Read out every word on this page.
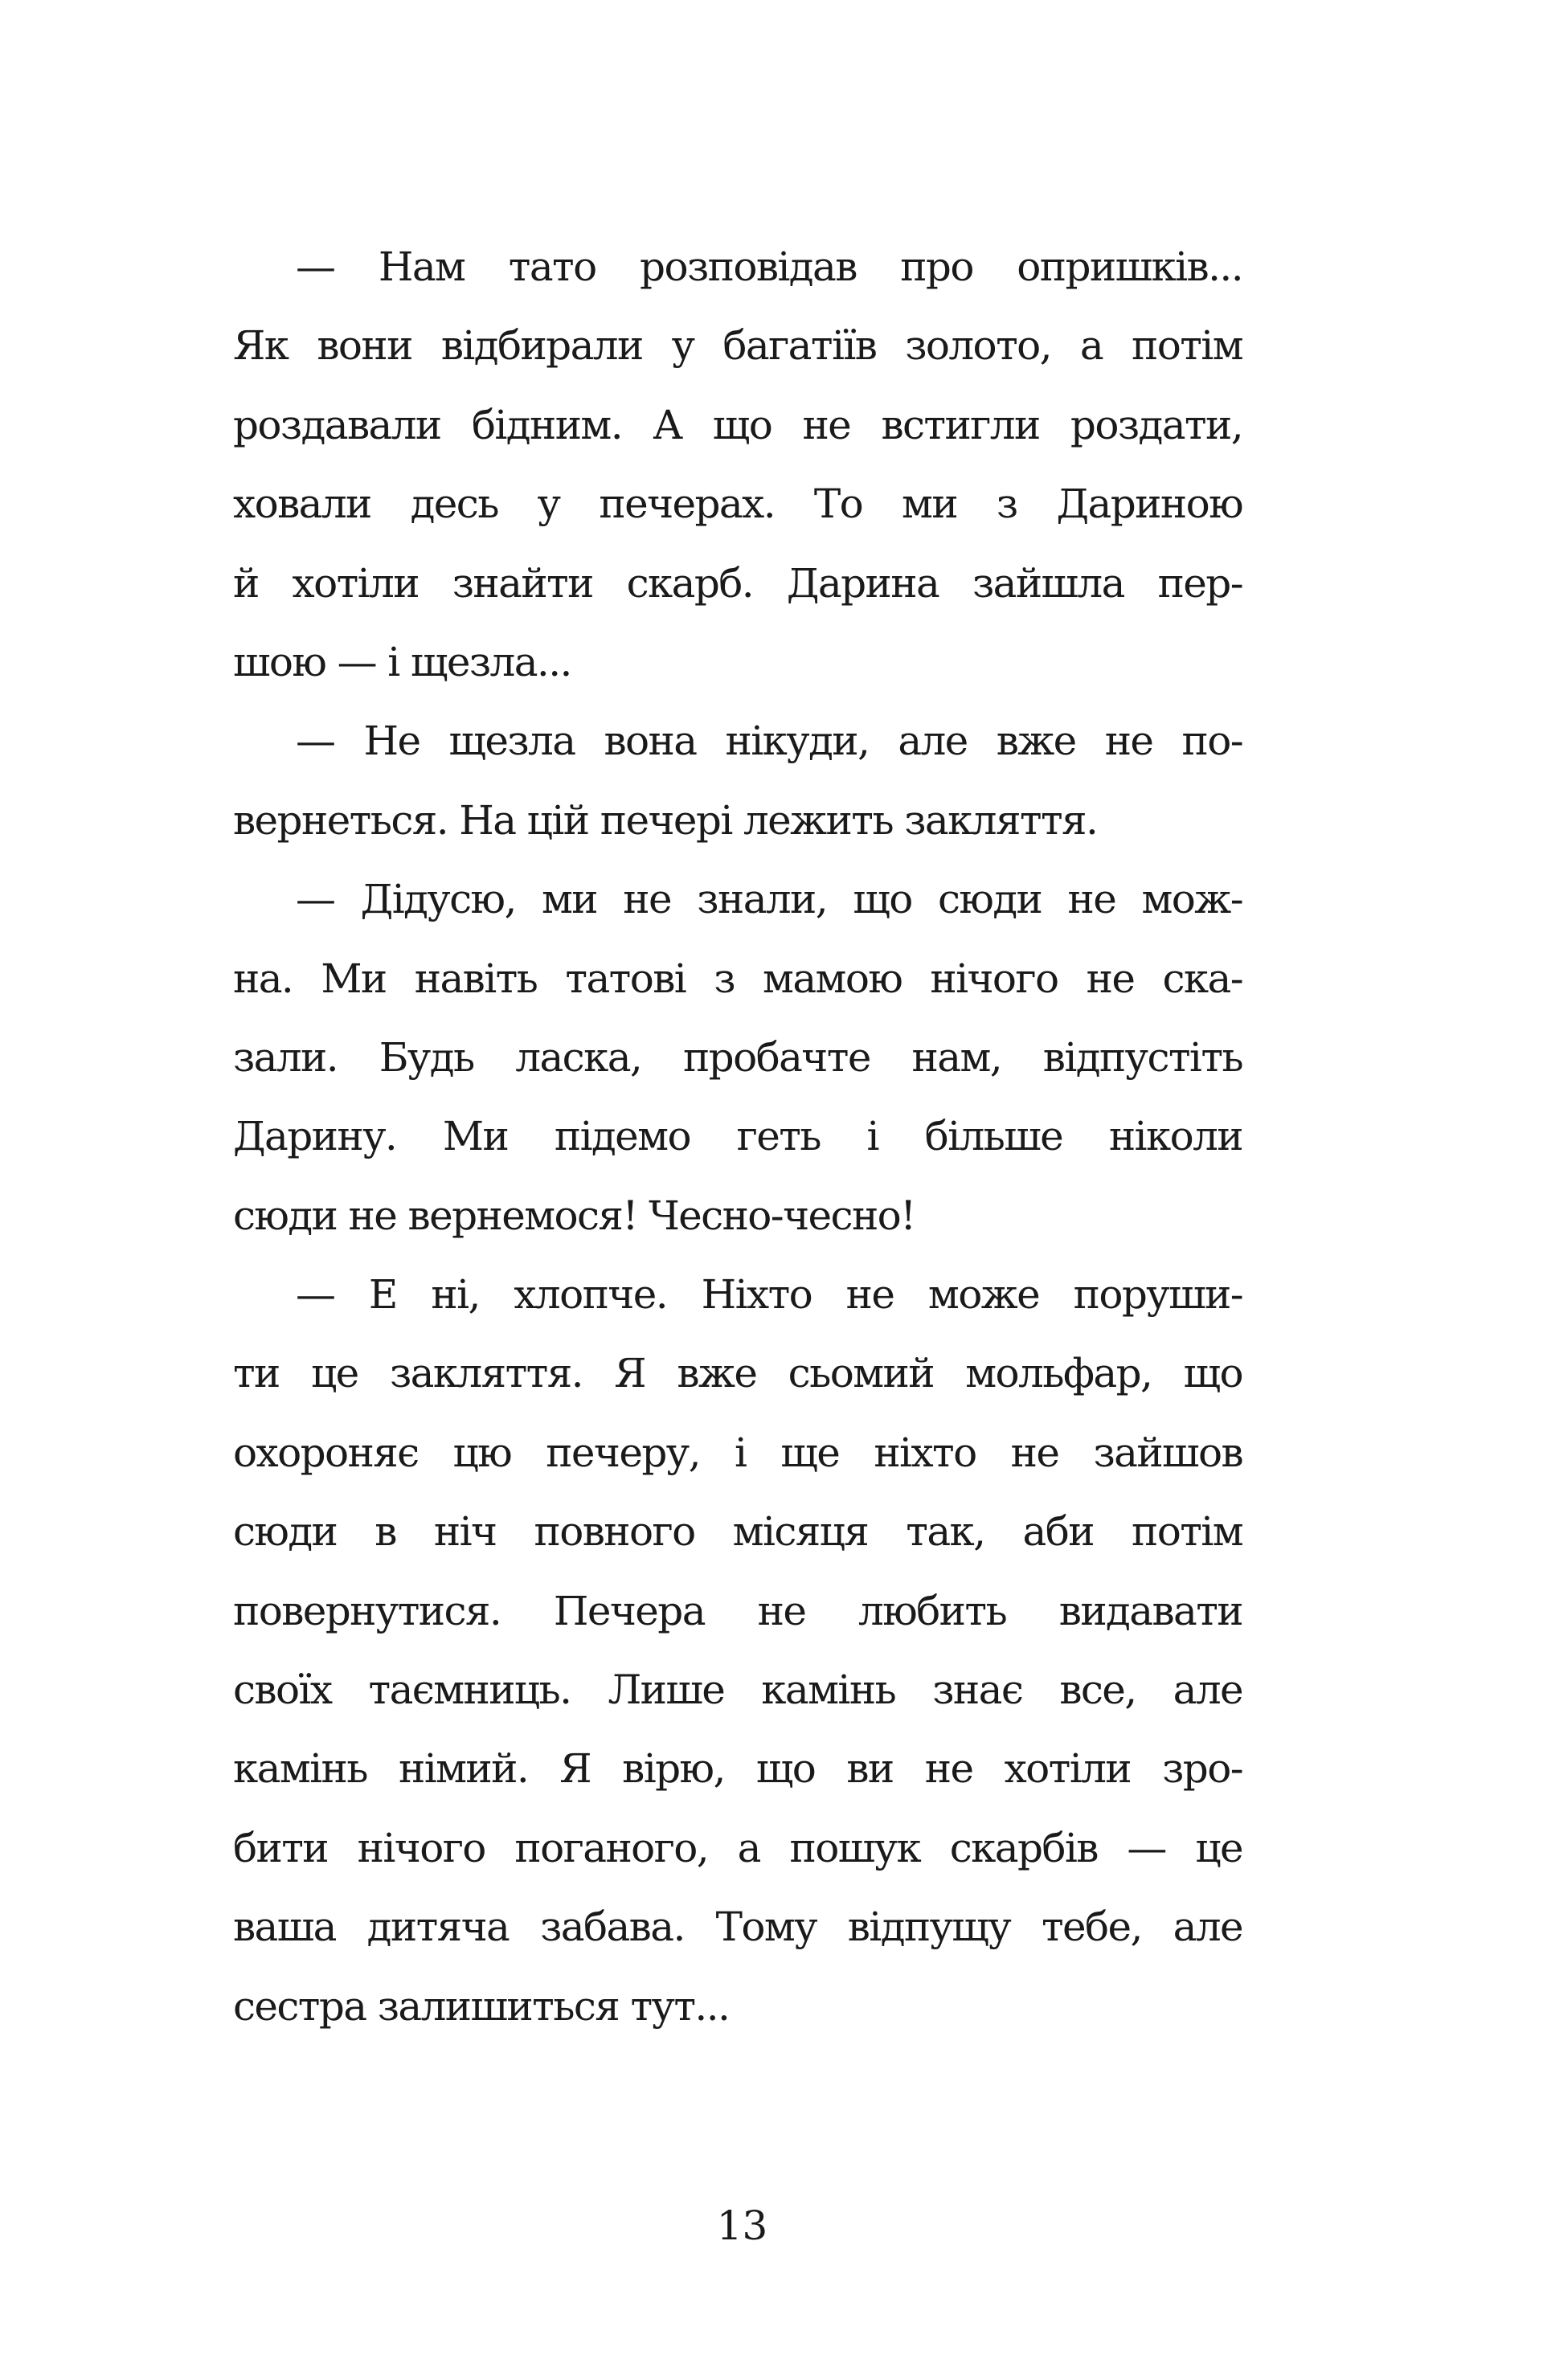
— Нам тато розповідав про опришків...
Як вони відбирали у багатіїв золото, а потім
роздавали бідним. А що не встигли роздати,
ховали десь у печерах. То ми з Дариною
й хотіли знайти скарб. Дарина зайшла пер-
шою — і щезла...
— Не щезла вона нікуди, але вже не по-
вернеться. На цій печері лежить закляття.
— Дідусю, ми не знали, що сюди не мож-
на. Ми навіть татові з мамою нічого не ска-
зали. Будь ласка, пробачте нам, відпустіть
Дарину. Ми підемо геть і більше ніколи
сюди не вернемося! Чесно-чесно!
— Е ні, хлопче. Ніхто не може поруши-
ти це закляття. Я вже сьомий мольфар, що
охороняє цю печеру, і ще ніхто не зайшов
сюди в ніч повного місяця так, аби потім
повернутися. Печера не любить видавати
своїх таємниць. Лише камінь знає все, але
камінь німий. Я вірю, що ви не хотіли зро-
бити нічого поганого, а пошук скарбів — це
ваша дитяча забава. Тому відпущу тебе, але
сестра залишиться тут...
13
